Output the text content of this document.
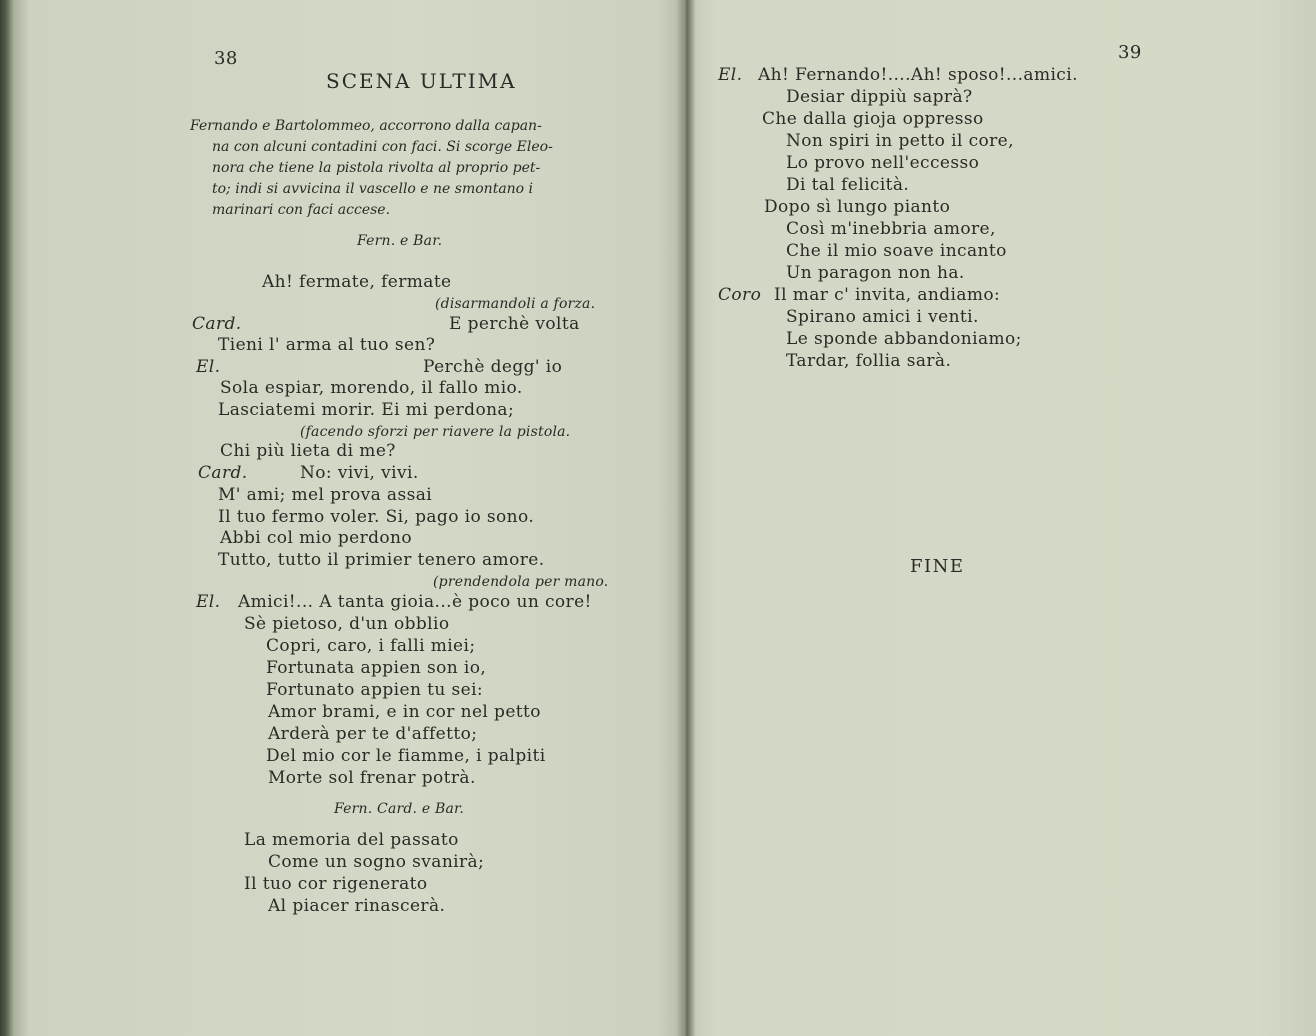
38
SCENA ULTIMA
Fernando e Bartolommeo, accorrono dalla capan-
na con alcuni contadini con faci. Si scorge Eleo-
nora che tiene la pistola rivolta al proprio pet-
to; indi si avvicina il vascello e ne smontano i
marinari con faci accese.
Fern. e Bar.
Ah! fermate, fermate
(disarmandoli a forza.
Card.	E perchè volta
Tieni l' arma al tuo sen?
El.	Perchè degg' io
Sola espiar, morendo, il fallo mio.
Lasciatemi morir. Ei mi perdona;
(facendo sforzi per riavere la pistola.
Chi più lieta di me?
Card.	No: vivi, vivi.
M' ami; mel prova assai
Il tuo fermo voler. Si, pago io sono.
Abbi col mio perdono
Tutto, tutto il primier tenero amore.
(prendendola per mano.
El. Amici!... A tanta gioia...è poco un core!
Sè pietoso, d'un obblio
Copri, caro, i falli miei;
Fortunata appien son io,
Fortunato appien tu sei:
Amor brami, e in cor nel petto
Arderà per te d'affetto;
Del mio cor le fiamme, i palpiti
Morte sol frenar potrà.
Fern. Card. e Bar.
La memoria del passato
Come un sogno svanirà;
Il tuo cor rigenerato
Al piacer rinascerà.
39
El. Ah! Fernando!....Ah! sposo!...amici.
Desiar dippiù saprà?
Che dalla gioja oppresso
Non spiri in petto il core,
Lo provo nell'eccesso
Di tal felicità.
Dopo sì lungo pianto
Così m'inebbria amore,
Che il mio soave incanto
Un paragon non ha.
Coro Il mar c' invita, andiamo:
Spirano amici i venti.
Le sponde abbandoniamo;
Tardar, follia sarà.
FINE
